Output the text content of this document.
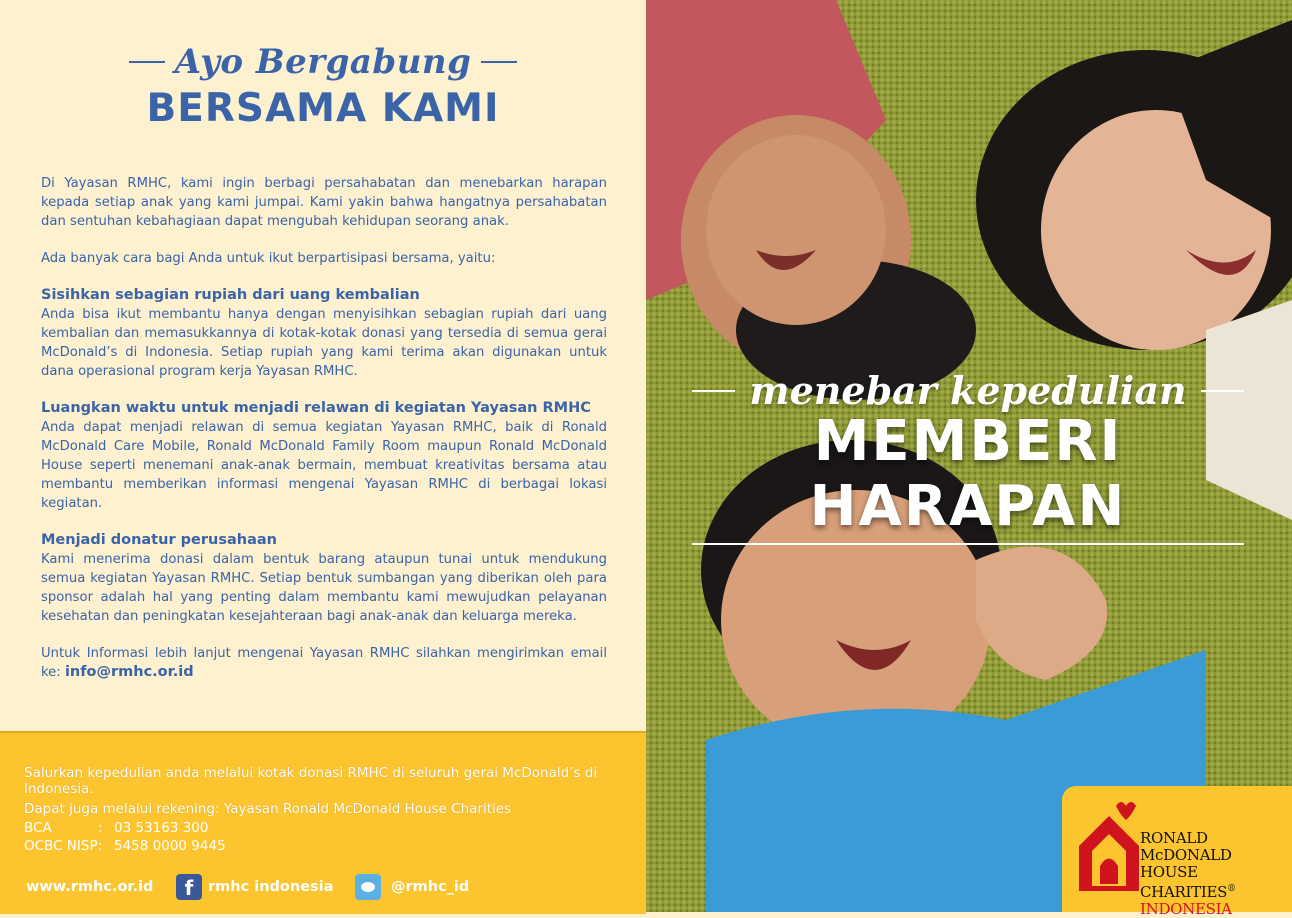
Ayo Bergabung
BERSAMA KAMI

Di Yayasan RMHC, kami ingin berbagi persahabatan dan menebarkan harapan kepada setiap anak yang kami jumpai. Kami yakin bahwa hangatnya persahabatan dan sentuhan kebahagiaan dapat mengubah kehidupan seorang anak.

Ada banyak cara bagi Anda untuk ikut berpartisipasi bersama, yaitu:

Sisihkan sebagian rupiah dari uang kembalian

Anda bisa ikut membantu hanya dengan menyisihkan sebagian rupiah dari uang kembalian dan memasukkannya di kotak-kotak donasi yang tersedia di semua gerai McDonald’s di Indonesia. Setiap rupiah yang kami terima akan digunakan untuk dana operasional program kerja Yayasan RMHC.

Luangkan waktu untuk menjadi relawan di kegiatan Yayasan RMHC

Anda dapat menjadi relawan di semua kegiatan Yayasan RMHC, baik di Ronald McDonald Care Mobile, Ronald McDonald Family Room maupun Ronald McDonald House seperti menemani anak-anak bermain, membuat kreativitas bersama atau membantu memberikan informasi mengenai Yayasan RMHC di berbagai lokasi kegiatan.

Menjadi donatur perusahaan

Kami menerima donasi dalam bentuk barang ataupun tunai untuk mendukung semua kegiatan Yayasan RMHC. Setiap bentuk sumbangan yang diberikan oleh para sponsor adalah hal yang penting dalam membantu kami mewujudkan pelayanan kesehatan dan peningkatan kesejahteraan bagi anak-anak dan keluarga mereka.

Untuk Informasi lebih lanjut mengenai Yayasan RMHC silahkan mengirimkan email ke: info@rmhc.or.id

Salurkan kepedulian anda melalui kotak donasi RMHC di seluruh gerai McDonald’s di Indonesia.
Dapat juga melalui rekening: Yayasan Ronald McDonald House Charities
BCA	: 03 53163 300
OCBC NISP : 5458 0000 9445
www.rmhc.or.id	f	rmhc indonesia	@rmhc_id
menebar kepedulian
MEMBERI HARAPAN
RONALD McDONALD
HOUSE CHARITIES®
INDONESIA
